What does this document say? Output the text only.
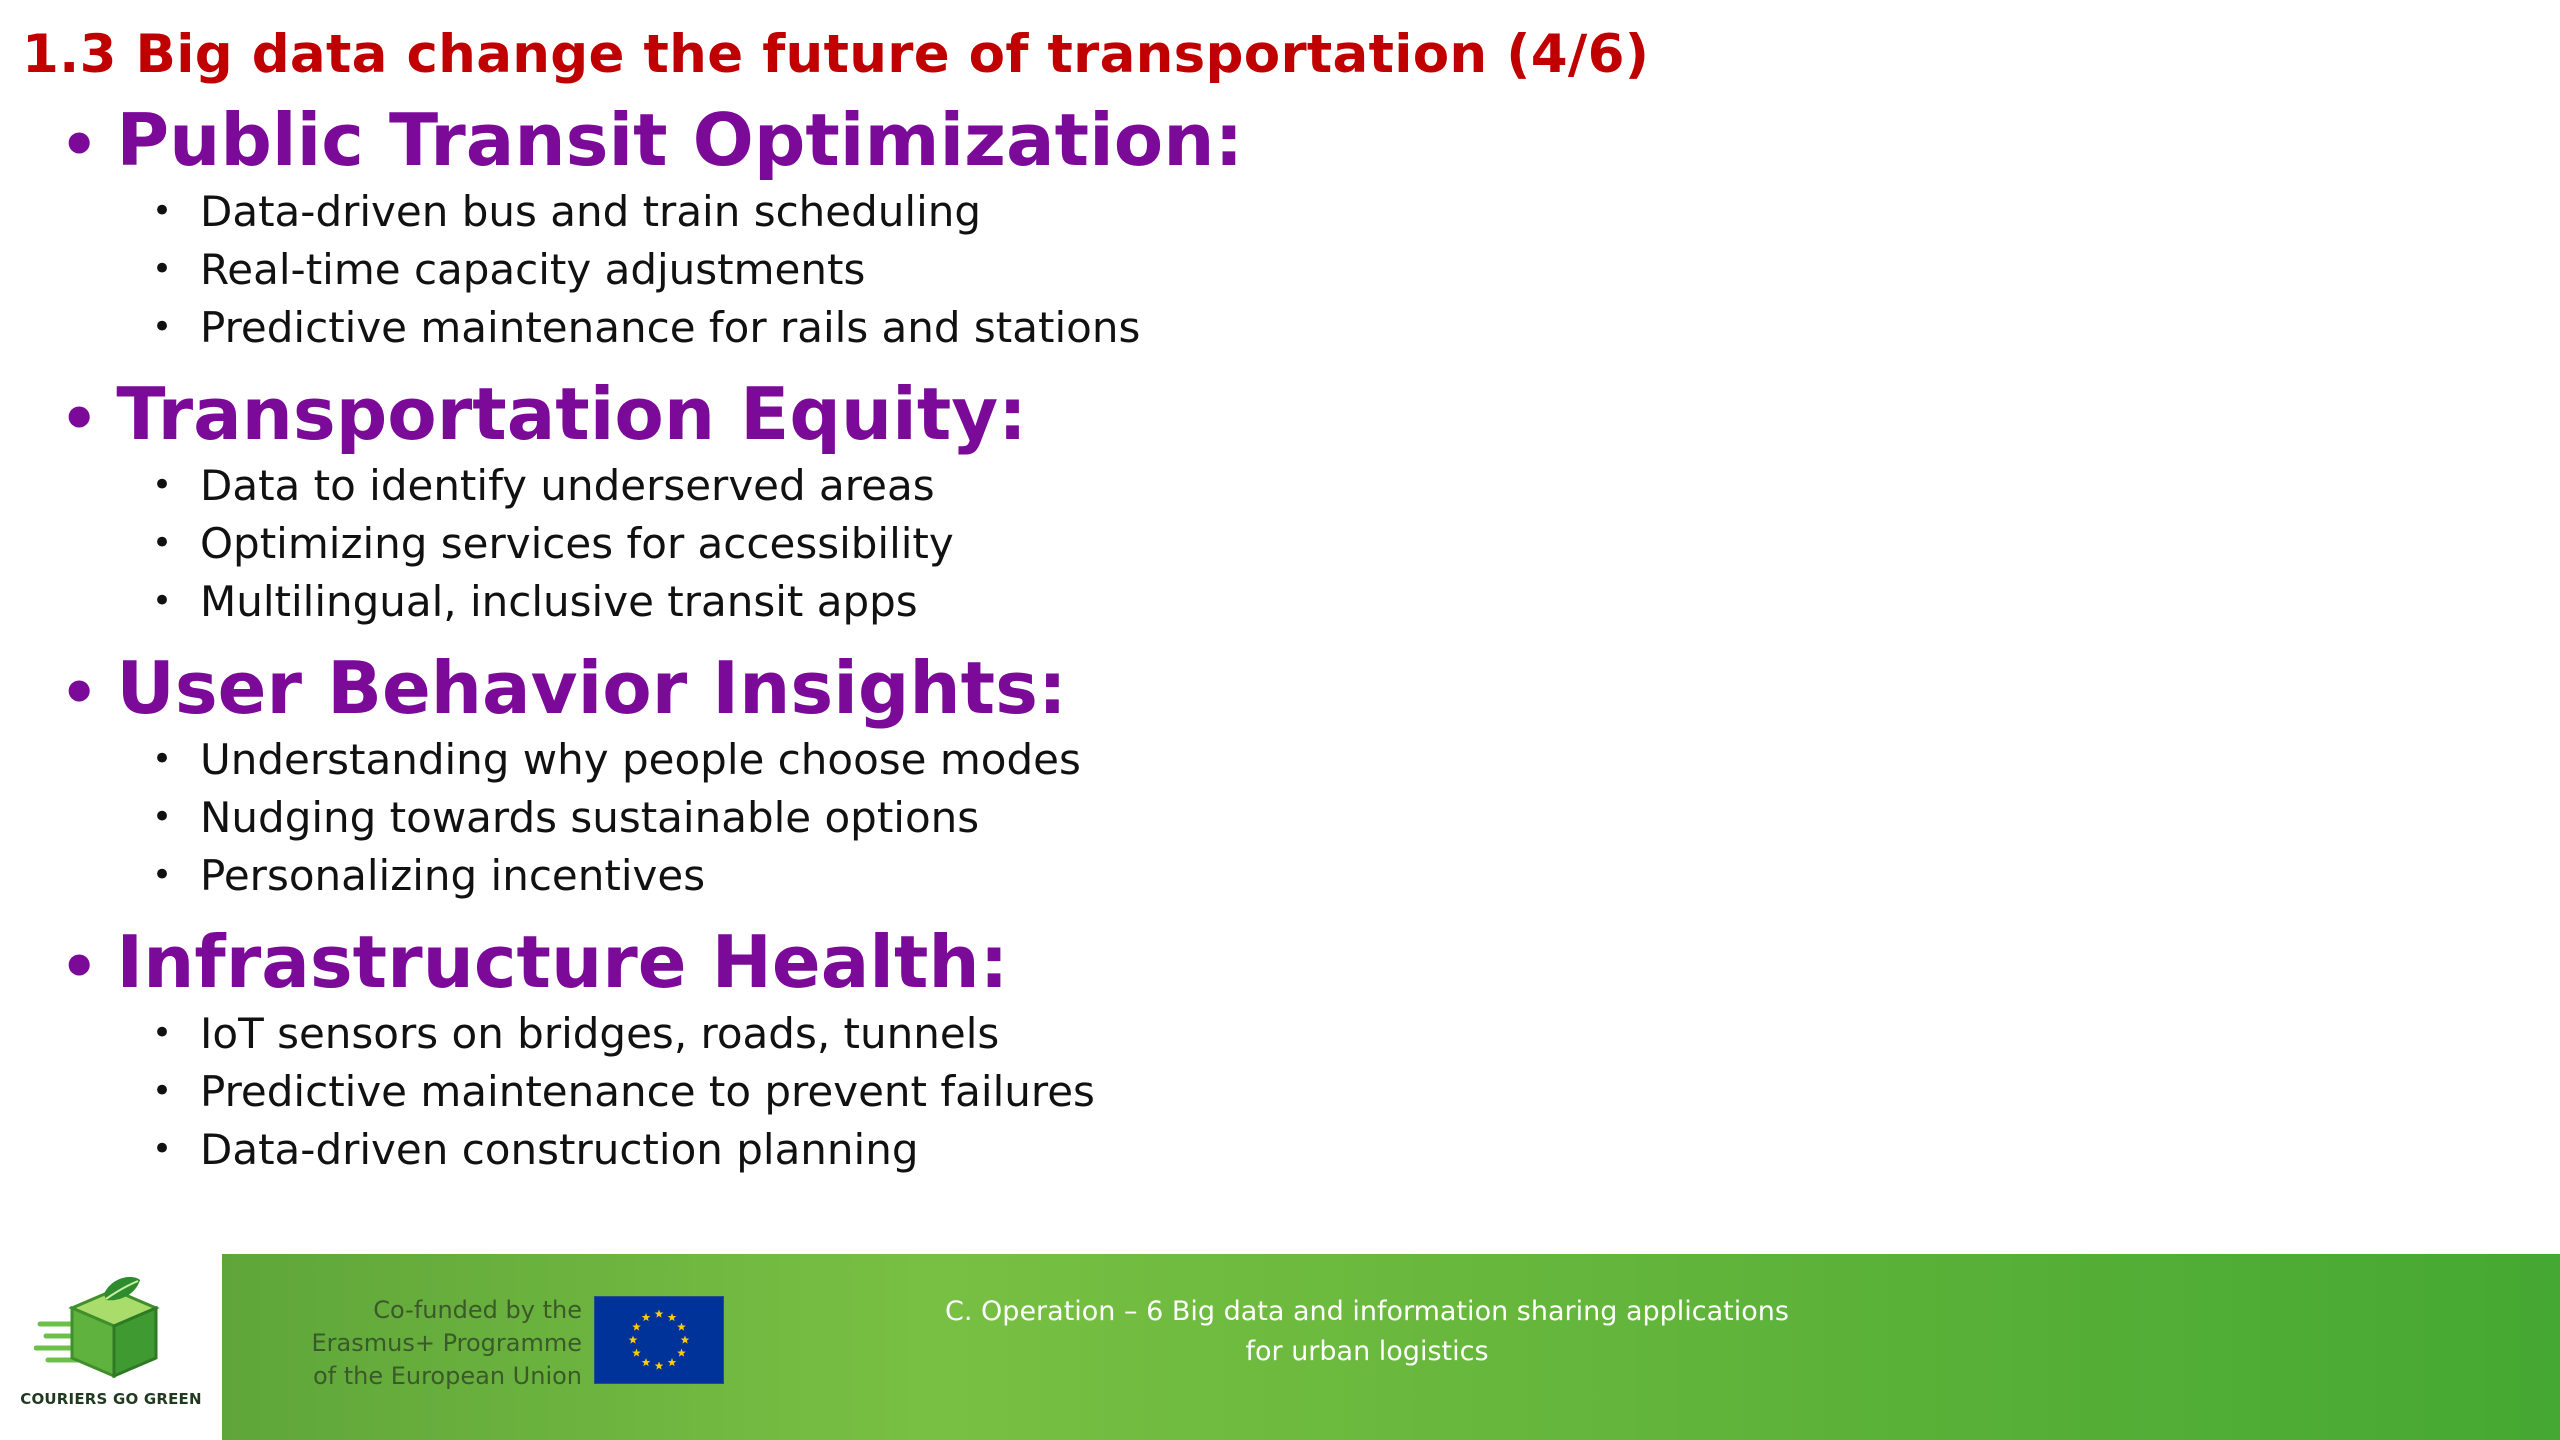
1.3 Big data change the future of transportation (4/6)
• Public Transit Optimization:
• Data-driven bus and train scheduling
• Real-time capacity adjustments
• Predictive maintenance for rails and stations
• Transportation Equity:
• Data to identify underserved areas
• Optimizing services for accessibility
• Multilingual, inclusive transit apps
• User Behavior Insights:
• Understanding why people choose modes
• Nudging towards sustainable options
• Personalizing incentives
• Infrastructure Health:
• IoT sensors on bridges, roads, tunnels
• Predictive maintenance to prevent failures
• Data-driven construction planning
COURIERS GO GREEN
Co-funded by the
Erasmus+ Programme
of the European Union
C. Operation – 6 Big data and information sharing applications
for urban logistics
